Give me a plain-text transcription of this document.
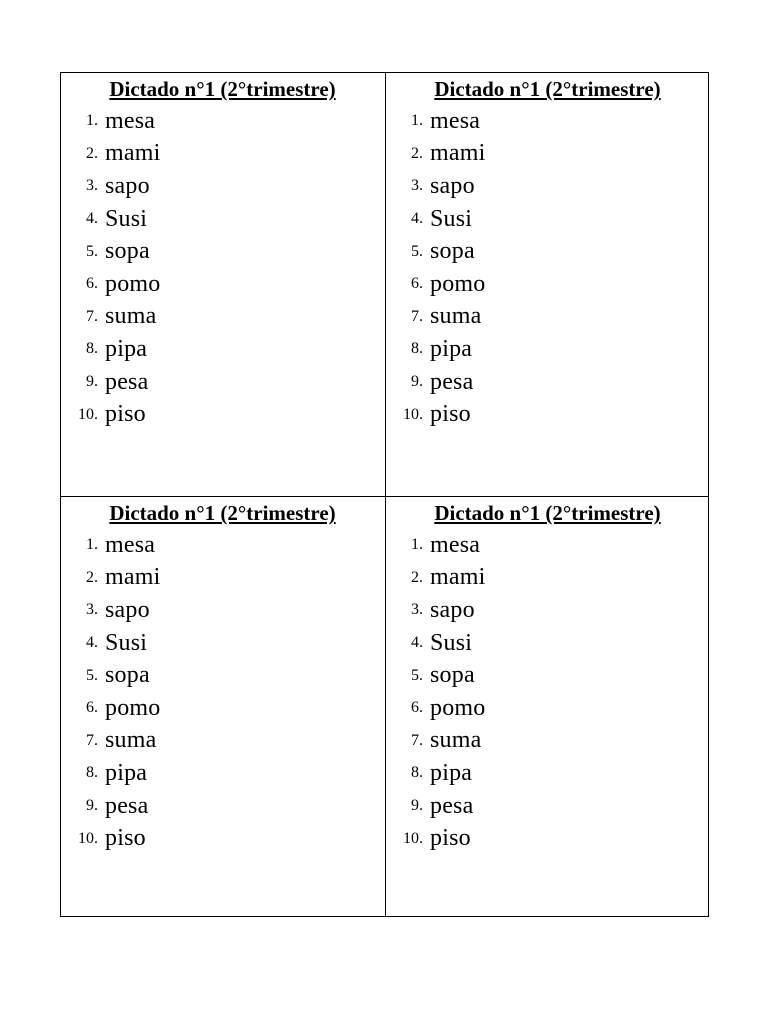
Dictado n°1 (2°trimestre)
1. mesa
2. mami
3. sapo
4. Susi
5. sopa
6. pomo
7. suma
8. pipa
9. pesa
10. piso
Dictado n°1 (2°trimestre)
1. mesa
2. mami
3. sapo
4. Susi
5. sopa
6. pomo
7. suma
8. pipa
9. pesa
10. piso
Dictado n°1 (2°trimestre)
1. mesa
2. mami
3. sapo
4. Susi
5. sopa
6. pomo
7. suma
8. pipa
9. pesa
10. piso
Dictado n°1 (2°trimestre)
1. mesa
2. mami
3. sapo
4. Susi
5. sopa
6. pomo
7. suma
8. pipa
9. pesa
10. piso
